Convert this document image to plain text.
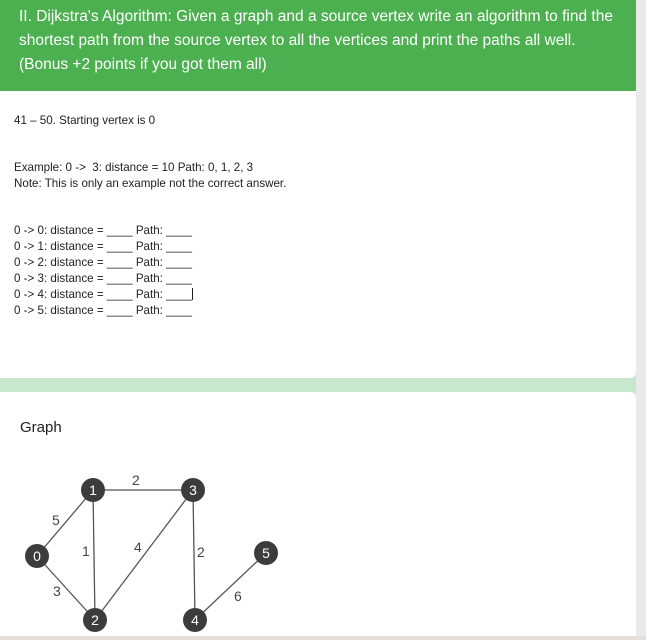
II. Dijkstra's Algorithm: Given a graph and a source vertex write an algorithm to find the shortest path from the source vertex to all the vertices and print the paths all well. (Bonus +2 points if you got them all)
41 – 50. Starting vertex is 0
Example: 0 ->  3: distance = 10 Path: 0, 1, 2, 3
Note: This is only an example not the correct answer.
0 -> 0: distance = ____ Path: ____
0 -> 1: distance = ____ Path: ____
0 -> 2: distance = ____ Path: ____
0 -> 3: distance = ____ Path: ____
0 -> 4: distance = ____ Path: ____
0 -> 5: distance = ____ Path: ____
Graph
5
3
1
2
4	2
6
0
1
2
3
4
5
